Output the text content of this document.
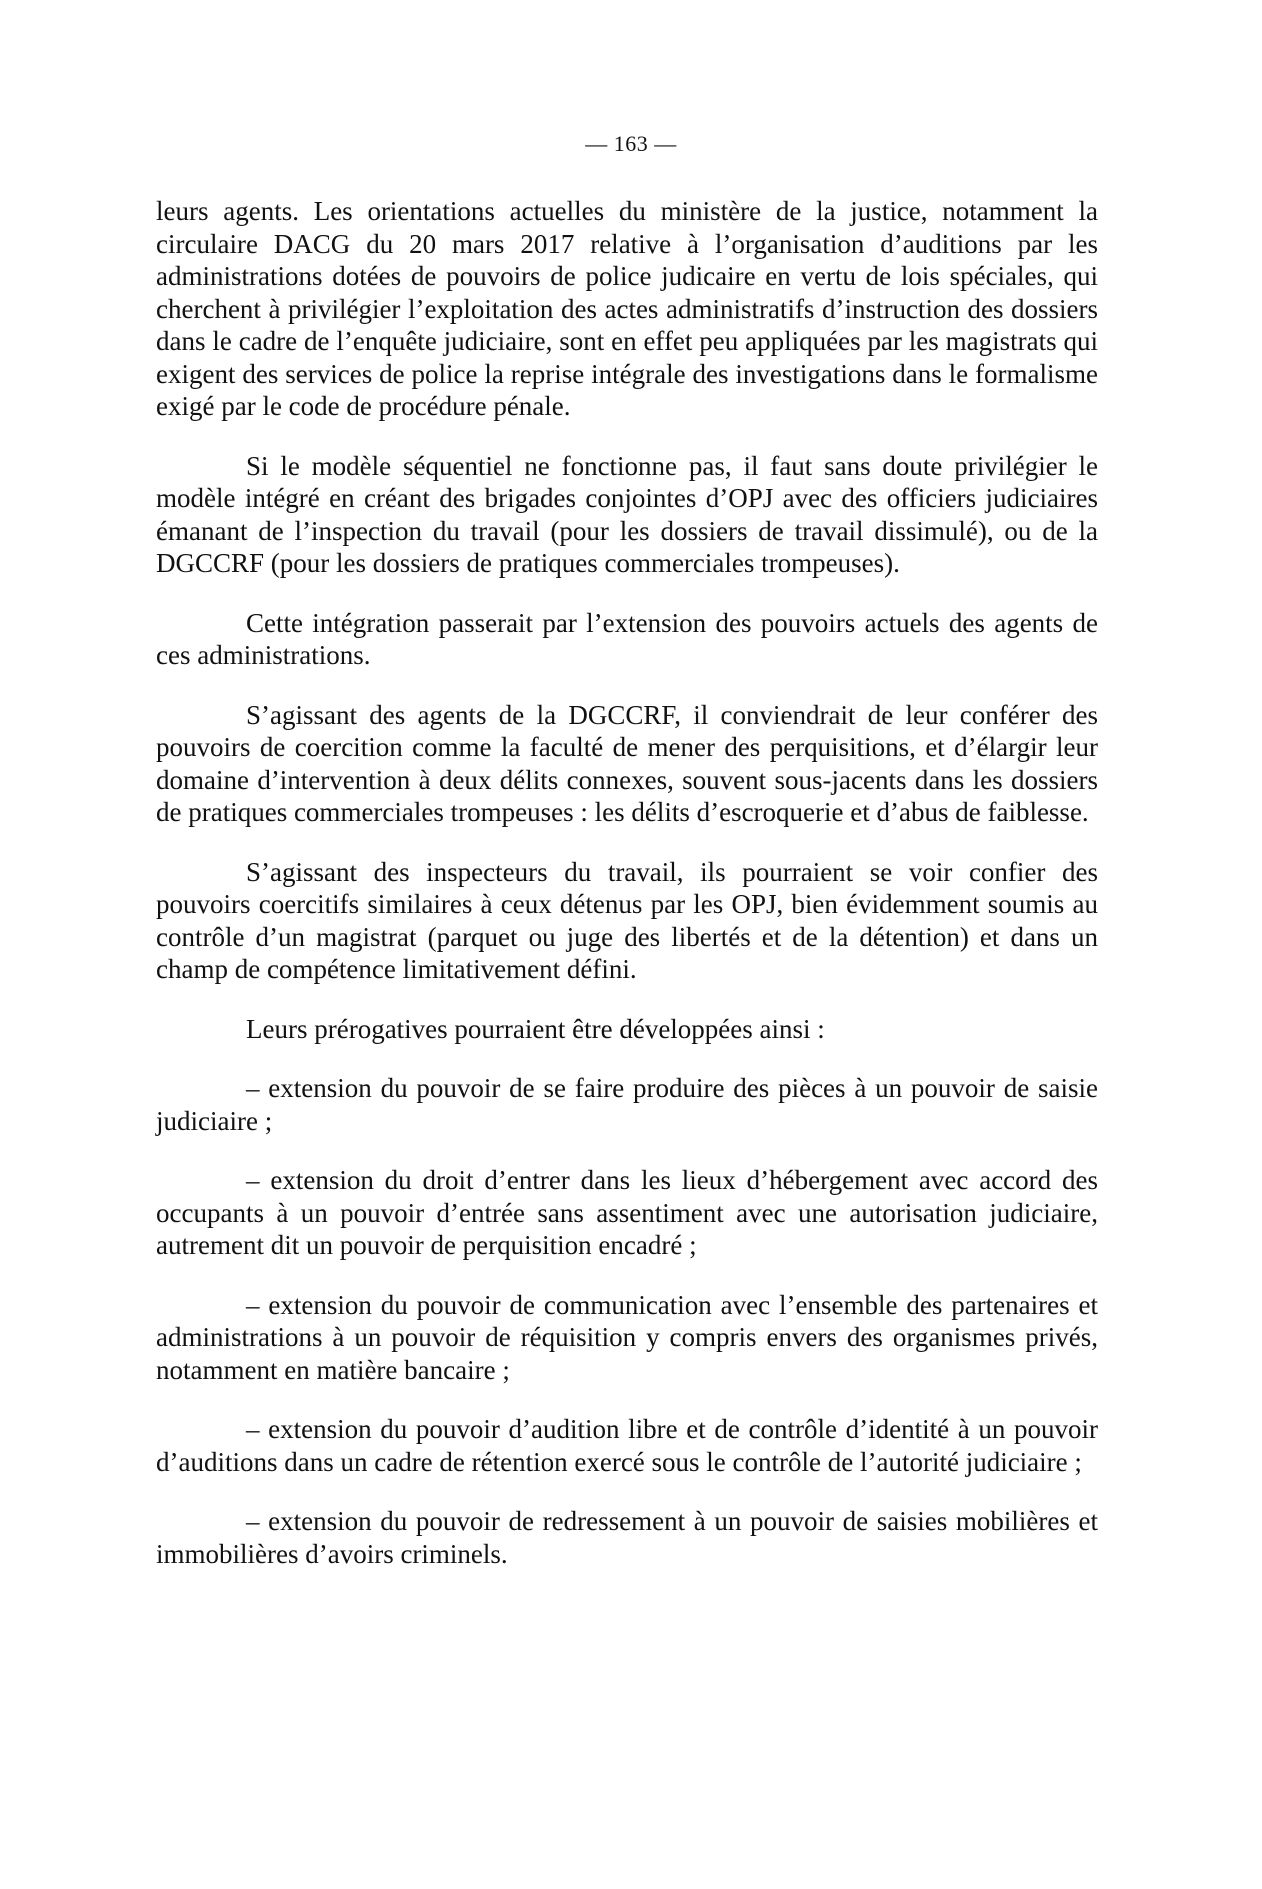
— 163 —

leurs agents. Les orientations actuelles du ministère de la justice, notamment la circulaire DACG du 20 mars 2017 relative à l’organisation d’auditions par les administrations dotées de pouvoirs de police judicaire en vertu de lois spéciales, qui cherchent à privilégier l’exploitation des actes administratifs d’instruction des dossiers dans le cadre de l’enquête judiciaire, sont en effet peu appliquées par les magistrats qui exigent des services de police la reprise intégrale des investigations dans le formalisme exigé par le code de procédure pénale.

Si le modèle séquentiel ne fonctionne pas, il faut sans doute privilégier le modèle intégré en créant des brigades conjointes d’OPJ avec des officiers judiciaires émanant de l’inspection du travail (pour les dossiers de travail dissimulé), ou de la DGCCRF (pour les dossiers de pratiques commerciales trompeuses).

Cette intégration passerait par l’extension des pouvoirs actuels des agents de ces administrations.

S’agissant des agents de la DGCCRF, il conviendrait de leur conférer des pouvoirs de coercition comme la faculté de mener des perquisitions, et d’élargir leur domaine d’intervention à deux délits connexes, souvent sous-jacents dans les dossiers de pratiques commerciales trompeuses : les délits d’escroquerie et d’abus de faiblesse.

S’agissant des inspecteurs du travail, ils pourraient se voir confier des pouvoirs coercitifs similaires à ceux détenus par les OPJ, bien évidemment soumis au contrôle d’un magistrat (parquet ou juge des libertés et de la détention) et dans un champ de compétence limitativement défini.

Leurs prérogatives pourraient être développées ainsi :

– extension du pouvoir de se faire produire des pièces à un pouvoir de saisie judiciaire ;

– extension du droit d’entrer dans les lieux d’hébergement avec accord des occupants à un pouvoir d’entrée sans assentiment avec une autorisation judiciaire, autrement dit un pouvoir de perquisition encadré ;

– extension du pouvoir de communication avec l’ensemble des partenaires et administrations à un pouvoir de réquisition y compris envers des organismes privés, notamment en matière bancaire ;

– extension du pouvoir d’audition libre et de contrôle d’identité à un pouvoir d’auditions dans un cadre de rétention exercé sous le contrôle de l’autorité judiciaire ;

– extension du pouvoir de redressement à un pouvoir de saisies mobilières et immobilières d’avoirs criminels.
